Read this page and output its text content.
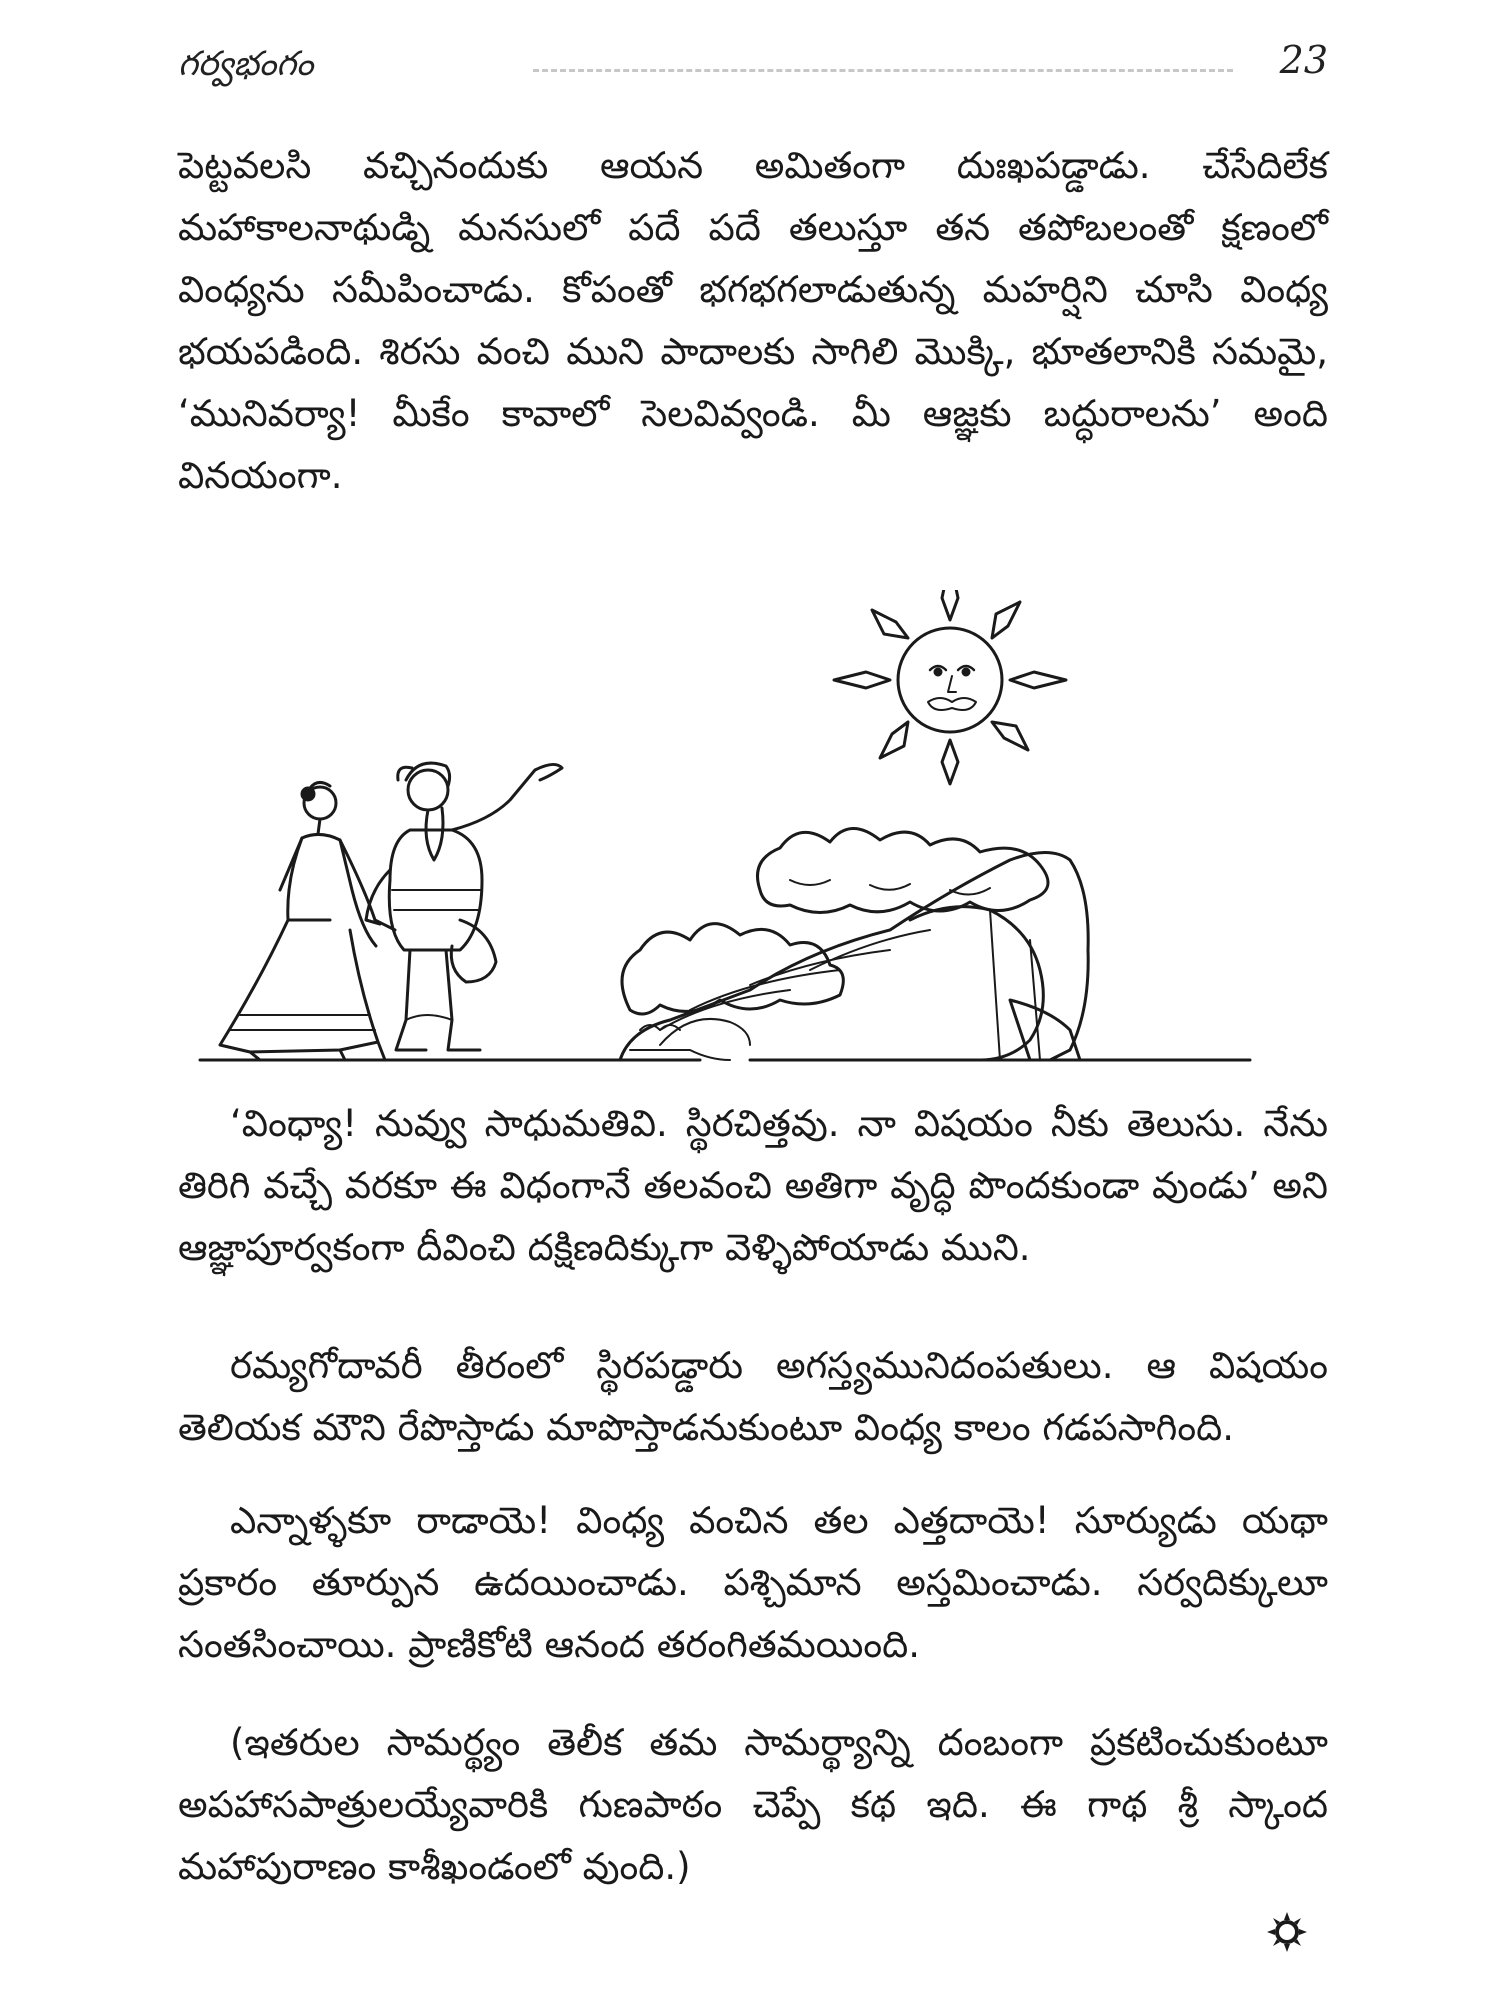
గర్వభంగం	23

పెట్టవలసి వచ్చినందుకు ఆయన అమితంగా దుఃఖపడ్డాడు. చేసేదిలేక మహాకాలనాథుడ్ని మనసులో పదే పదే తలుస్తూ తన తపోబలంతో క్షణంలో వింధ్యను సమీపించాడు. కోపంతో భగభగలాడుతున్న మహర్షిని చూసి వింధ్య భయపడింది. శిరసు వంచి ముని పాదాలకు సాగిలి మొక్కి, భూతలానికి సమమై, ‘మునివర్యా! మీకేం కావాలో సెలవివ్వండి. మీ ఆజ్ఞకు బద్ధురాలను’ అంది వినయంగా.

‘వింధ్యా! నువ్వు సాధుమతివి. స్థిరచిత్తవు. నా విషయం నీకు తెలుసు. నేను తిరిగి వచ్చే వరకూ ఈ విధంగానే తలవంచి అతిగా వృద్ధి పొందకుండా వుండు’ అని ఆజ్ఞాపూర్వకంగా దీవించి దక్షిణదిక్కుగా వెళ్ళిపోయాడు ముని.

రమ్యగోదావరీ తీరంలో స్థిరపడ్డారు అగస్త్యమునిదంపతులు. ఆ విషయం తెలియక మౌని రేపొస్తాడు మాపొస్తాడనుకుంటూ వింధ్య కాలం గడపసాగింది.

ఎన్నాళ్ళకూ రాడాయె! వింధ్య వంచిన తల ఎత్తదాయె! సూర్యుడు యథా ప్రకారం తూర్పున ఉదయించాడు. పశ్చిమాన అస్తమించాడు. సర్వదిక్కులూ సంతసించాయి. ప్రాణికోటి ఆనంద తరంగితమయింది.

(ఇతరుల సామర్థ్యం తెలీక తమ సామర్థ్యాన్ని దంబంగా ప్రకటించుకుంటూ అపహాసపాత్రులయ్యేవారికి గుణపాఠం చెప్పే కథ ఇది. ఈ గాథ శ్రీ స్కాంద మహాపురాణం కాశీఖండంలో వుంది.)
